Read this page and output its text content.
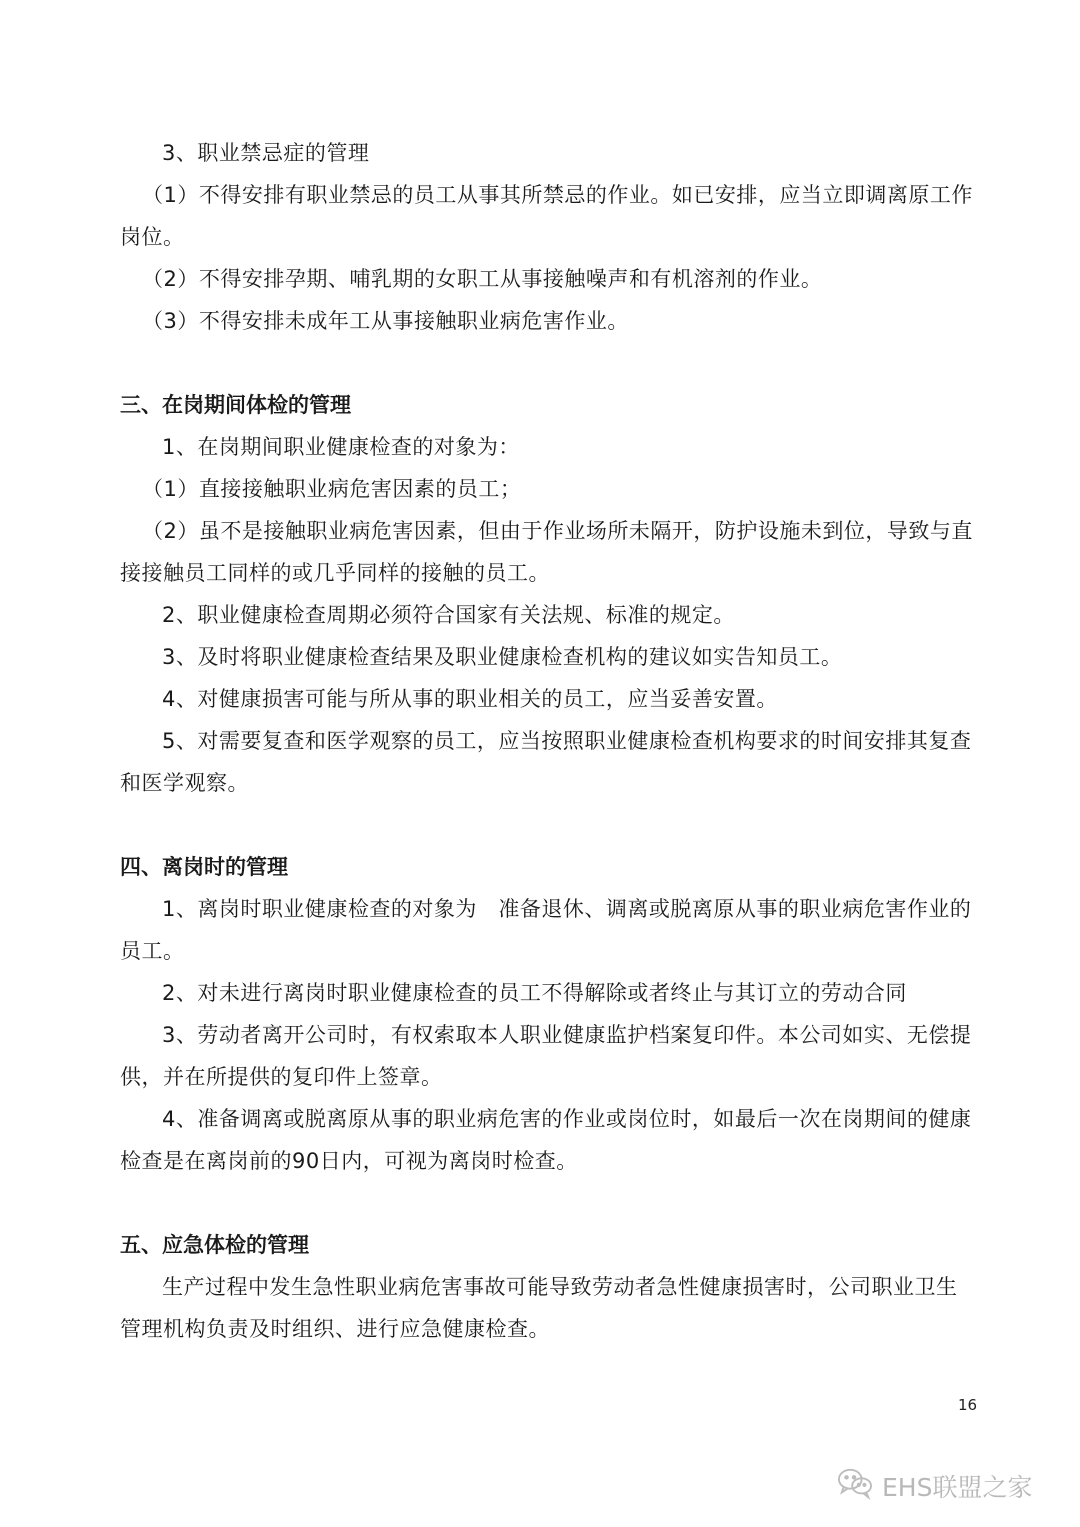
3、职业禁忌症的管理

（1）不得安排有职业禁忌的员工从事其所禁忌的作业。如已安排，应当立即调离原工作岗位。

（2）不得安排孕期、哺乳期的女职工从事接触噪声和有机溶剂的作业。

（3）不得安排未成年工从事接触职业病危害作业。

三、在岗期间体检的管理

1、在岗期间职业健康检查的对象为：

（1）直接接触职业病危害因素的员工；

（2）虽不是接触职业病危害因素，但由于作业场所未隔开，防护设施未到位，导致与直接接触员工同样的或几乎同样的接触的员工。

2、职业健康检查周期必须符合国家有关法规、标准的规定。

3、及时将职业健康检查结果及职业健康检查机构的建议如实告知员工。

4、对健康损害可能与所从事的职业相关的员工，应当妥善安置。

5、对需要复查和医学观察的员工，应当按照职业健康检查机构要求的时间安排其复查和医学观察。

四、离岗时的管理

1、离岗时职业健康检查的对象为　准备退休、调离或脱离原从事的职业病危害作业的员工。

2、对未进行离岗时职业健康检查的员工不得解除或者终止与其订立的劳动合同

3、劳动者离开公司时，有权索取本人职业健康监护档案复印件。本公司如实、无偿提供，并在所提供的复印件上签章。

4、准备调离或脱离原从事的职业病危害的作业或岗位时，如最后一次在岗期间的健康检查是在离岗前的90日内，可视为离岗时检查。

五、应急体检的管理

生产过程中发生急性职业病危害事故可能导致劳动者急性健康损害时，公司职业卫生管理机构负责及时组织、进行应急健康检查。

16
EHS联盟之家
